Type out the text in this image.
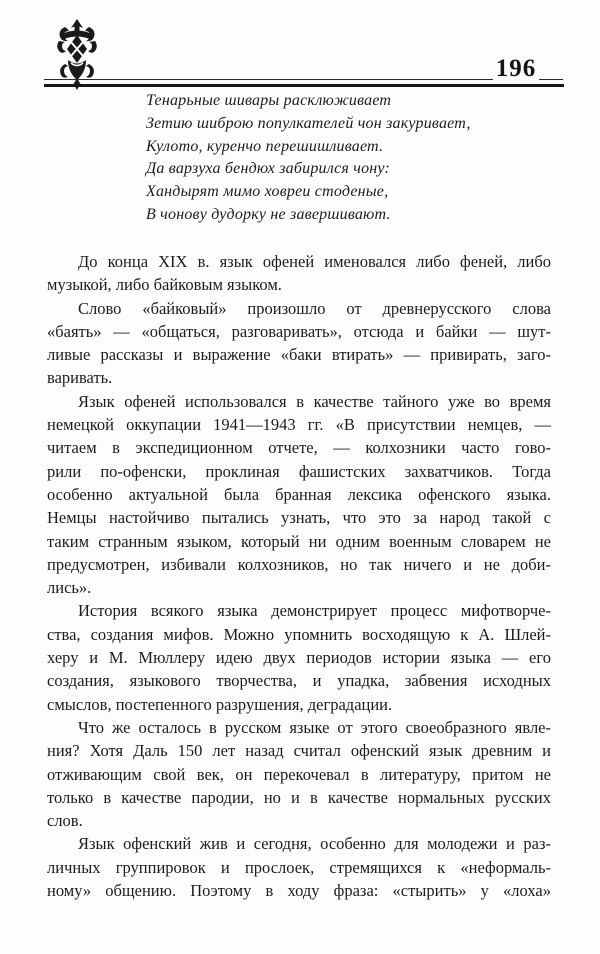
196
Тенарьные шивары расклюживает
Зетию шиброю популкателей чон закуривает,
Кулото, куренчо перешишливает.
Да варзуха бендюх забирился чону:
Хандырят мимо ховреи стоденые,
В чонову дудорку не завершивают.
До конца XIX в. язык офеней именовался либо феней, либо
музыкой, либо байковым языком.
Слово «байковый» произошло от древнерусского слова
«баять» — «общаться, разговаривать», отсюда и байки — шут-
ливые рассказы и выражение «баки втирать» — привирать, заго-
варивать.
Язык офеней использовался в качестве тайного уже во время
немецкой оккупации 1941—1943 гг. «В присутствии немцев, —
читаем в экспедиционном отчете, — колхозники часто гово-
рили по-офенски, проклиная фашистских захватчиков. Тогда
особенно актуальной была бранная лексика офенского языка.
Немцы настойчиво пытались узнать, что это за народ такой с
таким странным языком, который ни одним военным словарем не
предусмотрен, избивали колхозников, но так ничего и не доби-
лись».
История всякого языка демонстрирует процесс мифотворче-
ства, создания мифов. Можно упомнить восходящую к А. Шлей-
херу и М. Мюллеру идею двух периодов истории языка — его
создания, языкового творчества, и упадка, забвения исходных
смыслов, постепенного разрушения, деградации.
Что же осталось в русском языке от этого своеобразного явле-
ния? Хотя Даль 150 лет назад считал офенский язык древним и
отживающим свой век, он перекочевал в литературу, притом не
только в качестве пародии, но и в качестве нормальных русских
слов.
Язык офенский жив и сегодня, особенно для молодежи и раз-
личных группировок и прослоек, стремящихся к «неформаль-
ному» общению. Поэтому в ходу фраза: «стырить» у «лоха»
